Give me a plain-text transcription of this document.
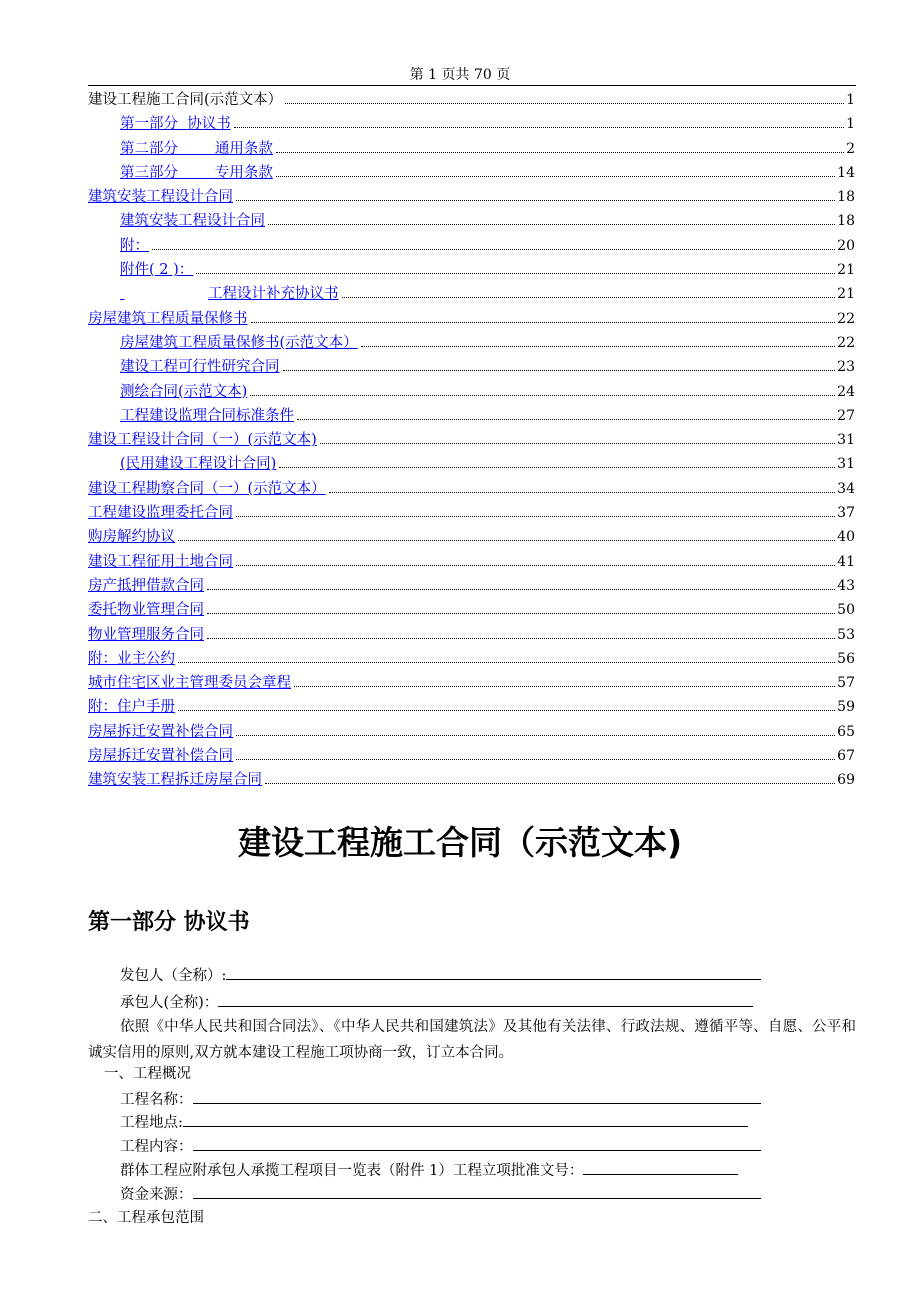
第 1 页共 70 页
建设工程施工合同(示范文本）	1
第一部分  协议书	1
第二部分        通用条款	2
第三部分        专用条款	14
建筑安装工程设计合同	18
建筑安装工程设计合同	18
附：	20
附件( 2 )：	21
工程设计补充协议书	21
房屋建筑工程质量保修书	22
房屋建筑工程质量保修书(示范文本）	22
建设工程可行性研究合同	23
测绘合同(示范文本)	24
工程建设监理合同标准条件	27
建设工程设计合同（一）(示范文本)	31
(民用建设工程设计合同)	31
建设工程勘察合同（一）(示范文本）	34
工程建设监理委托合同	37
购房解约协议	40
建设工程征用土地合同	41
房产抵押借款合同	43
委托物业管理合同	50
物业管理服务合同	53
附：业主公约	56
城市住宅区业主管理委员会章程	57
附：住户手册	59
房屋拆迁安置补偿合同	65
房屋拆迁安置补偿合同	67
建筑安装工程拆迁房屋合同	69
建设工程施工合同（示范文本)
第一部分 协议书
发包人（全称）:
承包人(全称)：
依照《中华人民共和国合同法》、《中华人民共和国建筑法》及其他有关法律、行政法规、遵循平等、自愿、公平和诚实信用的原则,双方就本建设工程施工项协商一致，订立本合同。
一、工程概况
工程名称：
工程地点:
工程内容：
群体工程应附承包人承揽工程项目一览表（附件 1）工程立项批准文号：
资金来源：
二、工程承包范围
